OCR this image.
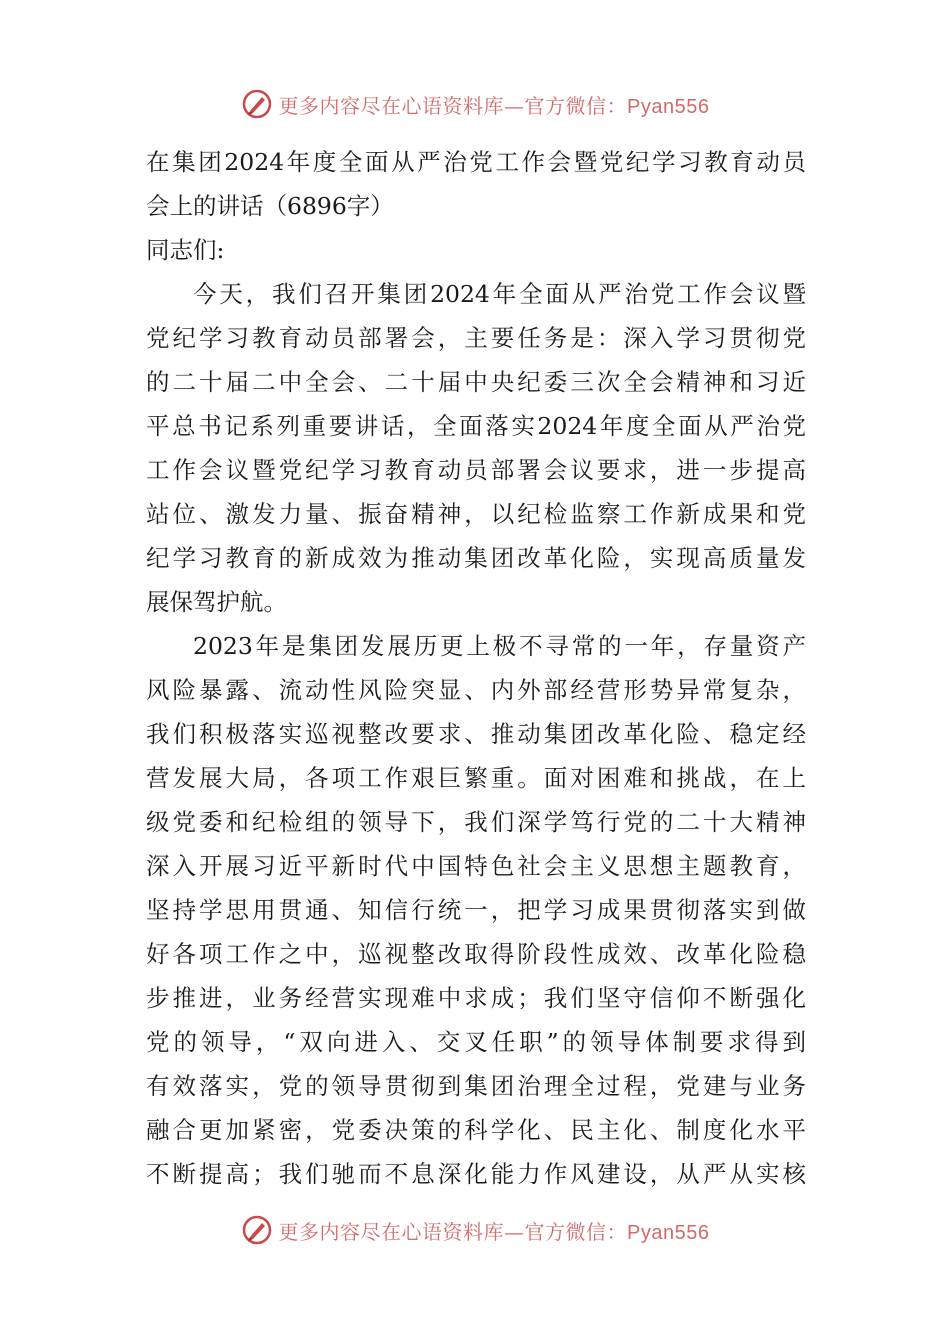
更多内容尽在心语资料库—官方微信：Pyan556
在集团2024年度全面从严治党工作会暨党纪学习教育动员
会上的讲话（6896字）
同志们:
今天，我们召开集团2024年全面从严治党工作会议暨
党纪学习教育动员部署会，主要任务是：深入学习贯彻党
的二十届二中全会、二十届中央纪委三次全会精神和习近
平总书记系列重要讲话，全面落实2024年度全面从严治党
工作会议暨党纪学习教育动员部署会议要求，进一步提高
站位、激发力量、振奋精神，以纪检监察工作新成果和党
纪学习教育的新成效为推动集团改革化险，实现高质量发
展保驾护航。
2023年是集团发展历更上极不寻常的一年，存量资产
风险暴露、流动性风险突显、内外部经营形势异常复杂，
我们积极落实巡视整改要求、推动集团改革化险、稳定经
营发展大局，各项工作艰巨繁重。面对困难和挑战，在上
级党委和纪检组的领导下，我们深学笃行党的二十大精神
深入开展习近平新时代中国特色社会主义思想主题教育，
坚持学思用贯通、知信行统一，把学习成果贯彻落实到做
好各项工作之中，巡视整改取得阶段性成效、改革化险稳
步推进，业务经营实现难中求成；我们坚守信仰不断强化
党的领导，“双向进入、交叉任职”的领导体制要求得到
有效落实，党的领导贯彻到集团治理全过程，党建与业务
融合更加紧密，党委决策的科学化、民主化、制度化水平
不断提高；我们驰而不息深化能力作风建设，从严从实核
更多内容尽在心语资料库—官方微信：Pyan556
